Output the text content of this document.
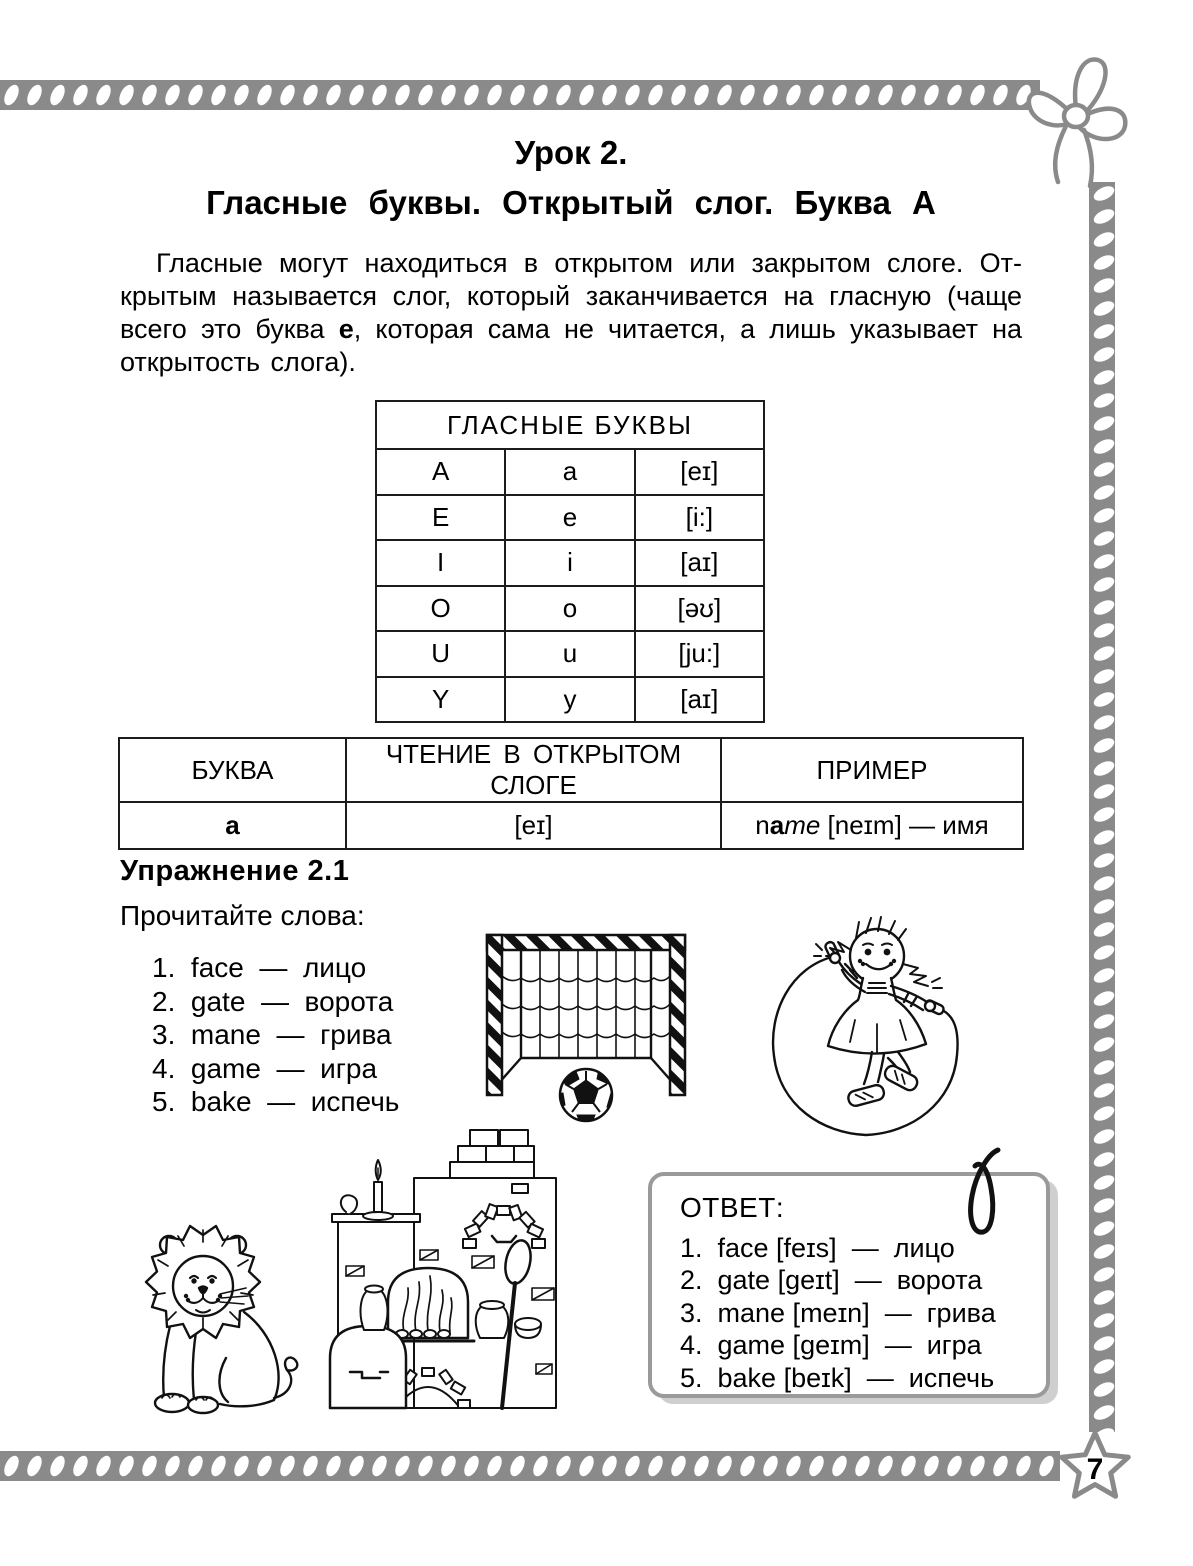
7
Урок 2.
Гласные буквы. Открытый слог. Буква А
Гласные могут находиться в открытом или закрытом слоге. От-
крытым называется слог, который заканчивается на гласную (чаще
всего это буква е, которая сама не читается, а лишь указывает на
открытость слога).
ГЛАСНЫЕ БУКВЫ		
A	a	[eɪ]
E	e	[i:]
I	i	[aɪ]
O	o	[əʊ]
U	u	[ju:]
Y	y	[aɪ]
БУКВА	ЧТЕНИЕ В ОТКРЫТОМ СЛОГЕ	ПРИМЕР
a	[eɪ]	name [neɪm] — имя
Упражнение 2.1
Прочитайте слова:
1.  face  —  лицо
2.  gate  —  ворота
3.  mane  —  грива
4.  game  —  игра
5.  bake  —  испечь
ОТВЕТ:
1.  face [feɪs]  —  лицо
2.  gate [geɪt]  —  ворота
3.  mane [meɪn]  —  грива
4.  game [geɪm]  —  игра
5.  bake [beɪk]  —  испечь
